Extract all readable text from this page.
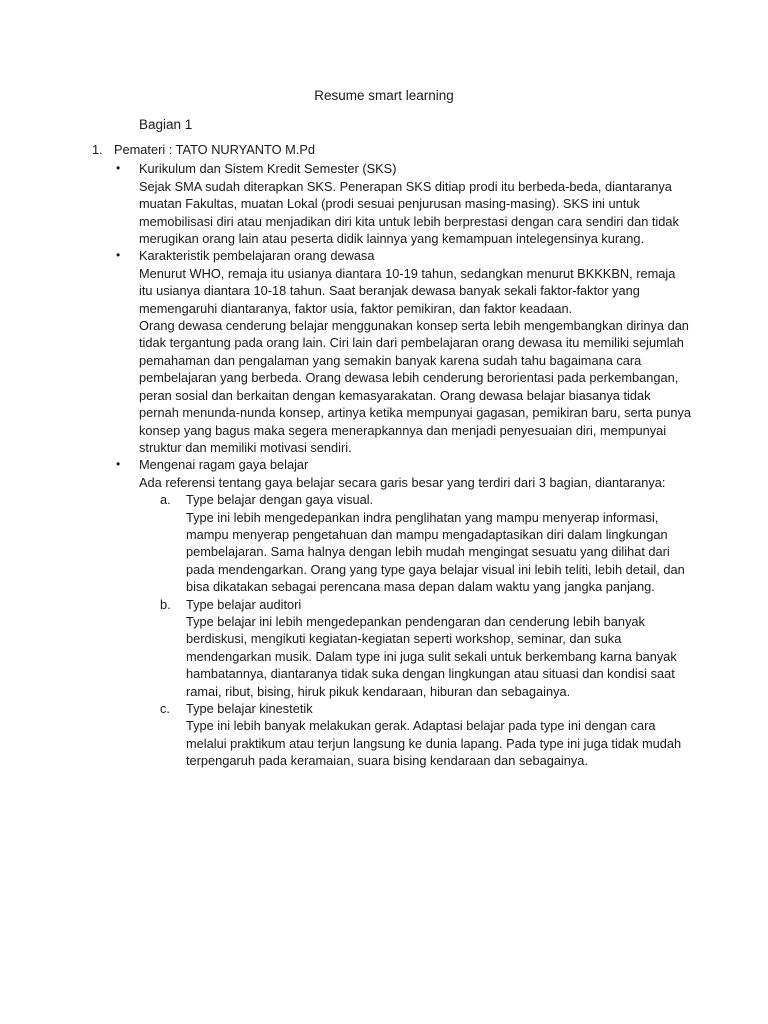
Resume smart learning
Bagian 1
1. Pemateri : TATO NURYANTO M.Pd
• Kurikulum dan Sistem Kredit Semester (SKS)

Sejak SMA sudah diterapkan SKS. Penerapan SKS ditiap prodi itu berbeda-beda, diantaranya muatan Fakultas, muatan Lokal (prodi sesuai penjurusan masing-masing). SKS ini untuk memobilisasi diri atau menjadikan diri kita untuk lebih berprestasi dengan cara sendiri dan tidak merugikan orang lain atau peserta didik lainnya yang kemampuan intelegensinya kurang.

• Karakteristik pembelajaran orang dewasa

Menurut WHO, remaja itu usianya diantara 10-19 tahun, sedangkan menurut BKKKBN, remaja itu usianya diantara 10-18 tahun. Saat beranjak dewasa banyak sekali faktor-faktor yang memengaruhi diantaranya, faktor usia, faktor pemikiran, dan faktor keadaan.

Orang dewasa cenderung belajar menggunakan konsep serta lebih mengembangkan dirinya dan tidak tergantung pada orang lain. Ciri lain dari pembelajaran orang dewasa itu memiliki sejumlah pemahaman dan pengalaman yang semakin banyak karena sudah tahu bagaimana cara pembelajaran yang berbeda. Orang dewasa lebih cenderung berorientasi pada perkembangan, peran sosial dan berkaitan dengan kemasyarakatan. Orang dewasa belajar biasanya tidak pernah menunda-nunda konsep, artinya ketika mempunyai gagasan, pemikiran baru, serta punya konsep yang bagus maka segera menerapkannya dan menjadi penyesuaian diri, mempunyai struktur dan memiliki motivasi sendiri.

• Mengenai ragam gaya belajar

Ada referensi tentang gaya belajar secara garis besar yang terdiri dari 3 bagian, diantaranya:

a. Type belajar dengan gaya visual.

Type ini lebih mengedepankan indra penglihatan yang mampu menyerap informasi, mampu menyerap pengetahuan dan mampu mengadaptasikan diri dalam lingkungan pembelajaran. Sama halnya dengan lebih mudah mengingat sesuatu yang dilihat dari pada mendengarkan. Orang yang type gaya belajar visual ini lebih teliti, lebih detail, dan bisa dikatakan sebagai perencana masa depan dalam waktu yang jangka panjang.

b. Type belajar auditori

Type belajar ini lebih mengedepankan pendengaran dan cenderung lebih banyak berdiskusi, mengikuti kegiatan-kegiatan seperti workshop, seminar, dan suka mendengarkan musik. Dalam type ini juga sulit sekali untuk berkembang karna banyak hambatannya, diantaranya tidak suka dengan lingkungan atau situasi dan kondisi saat ramai, ribut, bising, hiruk pikuk kendaraan, hiburan dan sebagainya.

c. Type belajar kinestetik

Type ini lebih banyak melakukan gerak. Adaptasi belajar pada type ini dengan cara melalui praktikum atau terjun langsung ke dunia lapang. Pada type ini juga tidak mudah terpengaruh pada keramaian, suara bising kendaraan dan sebagainya.
